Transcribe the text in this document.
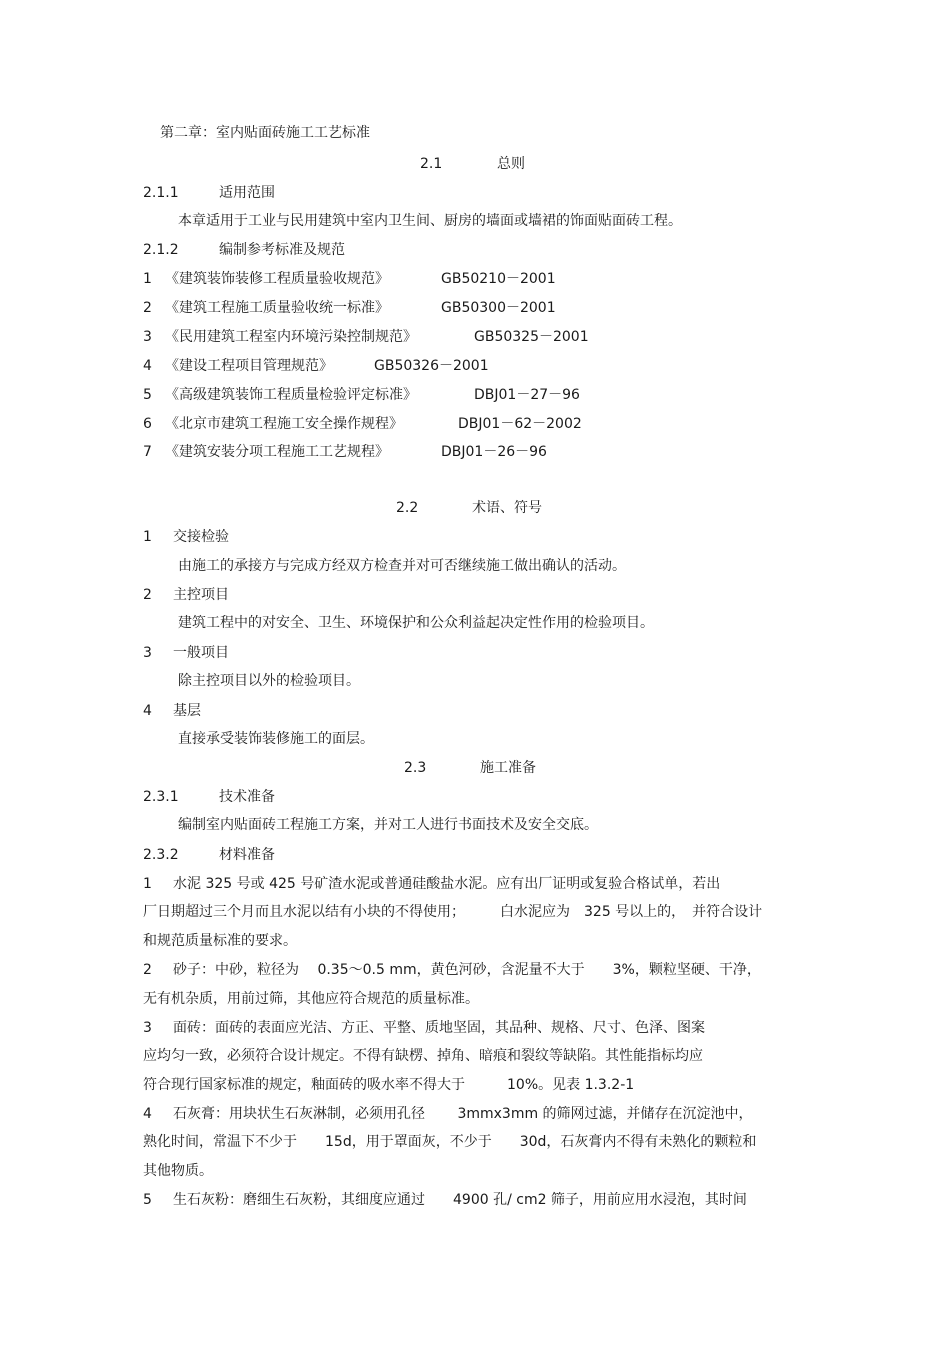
第二章：室内贴面砖施工工艺标准
2.1	总则
2.1.1	适用范围
本章适用于工业与民用建筑中室内卫生间、厨房的墙面或墙裙的饰面贴面砖工程。
2.1.2	编制参考标准及规范
1 《建筑装饰装修工程质量验收规范》	GB50210－2001
2 《建筑工程施工质量验收统一标准》	GB50300－2001
3 《民用建筑工程室内环境污染控制规范》	GB50325－2001
4 《建设工程项目管理规范》	GB50326－2001
5 《高级建筑装饰工程质量检验评定标准》	DBJ01－27－96
6 《北京市建筑工程施工安全操作规程》	DBJ01－62－2002
7 《建筑安装分项工程施工工艺规程》	DBJ01－26－96
2.2	术语、符号
1 交接检验
由施工的承接方与完成方经双方检查并对可否继续施工做出确认的活动。
2 主控项目
建筑工程中的对安全、卫生、环境保护和公众利益起决定性作用的检验项目。
3 一般项目
除主控项目以外的检验项目。
4 基层
直接承受装饰装修施工的面层。
2.3	施工准备
2.3.1	技术准备
编制室内贴面砖工程施工方案，并对工人进行书面技术及安全交底。
2.3.2	材料准备
1 水泥 325 号或 425 号矿渣水泥或普通硅酸盐水泥。应有出厂证明或复验合格试单，若出
厂日期超过三个月而且水泥以结有小块的不得使用；　　　白水泥应为　325 号以上的，　并符合设计
和规范质量标准的要求。
2 砂子：中砂，粒径为　 0.35～0.5 mm，黄色河砂，含泥量不大于　　3%，颗粒坚硬、干净，
无有机杂质，用前过筛，其他应符合规范的质量标准。
3 面砖：面砖的表面应光洁、方正、平整、质地坚固，其品种、规格、尺寸、色泽、图案
应均匀一致，必须符合设计规定。不得有缺楞、掉角、暗痕和裂纹等缺陷。其性能指标均应
符合现行国家标准的规定，釉面砖的吸水率不得大于　　　10%。见表 1.3.2-1
4 石灰膏：用块状生石灰淋制，必须用孔径　　 3mmx3mm 的筛网过滤，并储存在沉淀池中，
熟化时间，常温下不少于　　15d，用于罩面灰，不少于　　30d，石灰膏内不得有未熟化的颗粒和
其他物质。
5 生石灰粉：磨细生石灰粉，其细度应通过　　4900 孔/ cm2 筛子，用前应用水浸泡，其时间
